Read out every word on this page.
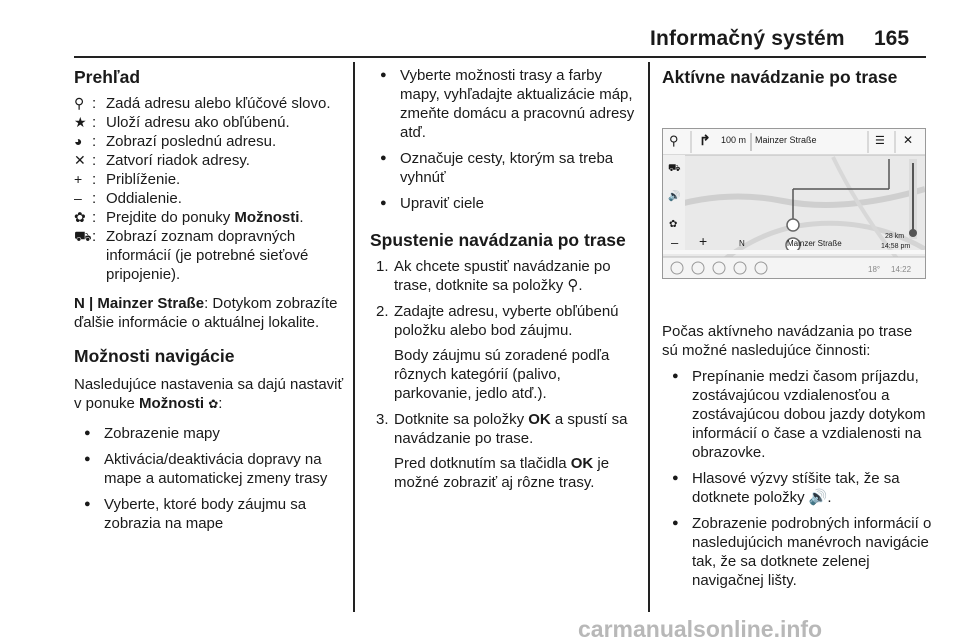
Informačný systém 165
Prehľad
⚲ : Zadá adresu alebo kľúčové slovo.
★ : Uloží adresu ako obľúbenú.
◕ : Zobrazí poslednú adresu.
✕ : Zatvorí riadok adresy.
+ : Priblíženie.
– : Oddialenie.
✿ : Prejdite do ponuky Možnosti.
⛟ : Zobrazí zoznam dopravných informácií (je potrebné sieťové pripojenie).

N | Mainzer Straße: Dotykom zobrazíte ďalšie informácie o aktuálnej lokalite.

Možnosti navigácie

Nasledujúce nastavenia sa dajú nastaviť v ponuke Možnosti ✿:

● Zobrazenie mapy
● Aktivácia/deaktivácia dopravy na mape a automatickej zmeny trasy
● Vyberte, ktoré body záujmu sa zobrazia na mape
● Vyberte možnosti trasy a farby mapy, vyhľadajte aktualizácie máp, zmeňte domácu a pracovnú adresy atď.
● Označuje cesty, ktorým sa treba vyhnúť
● Upraviť ciele
Spustenie navádzania po trase
1. Ak chcete spustiť navádzanie po trase, dotknite sa položky ⚲.
2. Zadajte adresu, vyberte obľúbenú položku alebo bod záujmu.

Body záujmu sú zoradené podľa rôznych kategórií (palivo, parkovanie, jedlo atď.).

3. Dotknite sa položky OK a spustí sa navádzanie po trase.

Pred dotknutím sa tlačidla OK je možné zobraziť aj rôzne trasy.

Aktívne navádzanie po trase
⚲ ↱ 100 m Mainzer Straße	☰ ✕
⛟
🔊
✿
– +	N	Mainzer Straße
28 km
14:58 pm
18° 14:22

Počas aktívneho navádzania po trase sú možné nasledujúce činnosti:

● Prepínanie medzi časom príjazdu, zostávajúcou vzdialenosťou a zostávajúcou dobou jazdy dotykom informácií o čase a vzdialenosti na obrazovke.
● Hlasové výzvy stíšite tak, že sa dotknete položky 🔊.
● Zobrazenie podrobných informácií o nasledujúcich manévroch navigácie tak, že sa dotknete zelenej navigačnej lišty.
carmanualsonline.info
